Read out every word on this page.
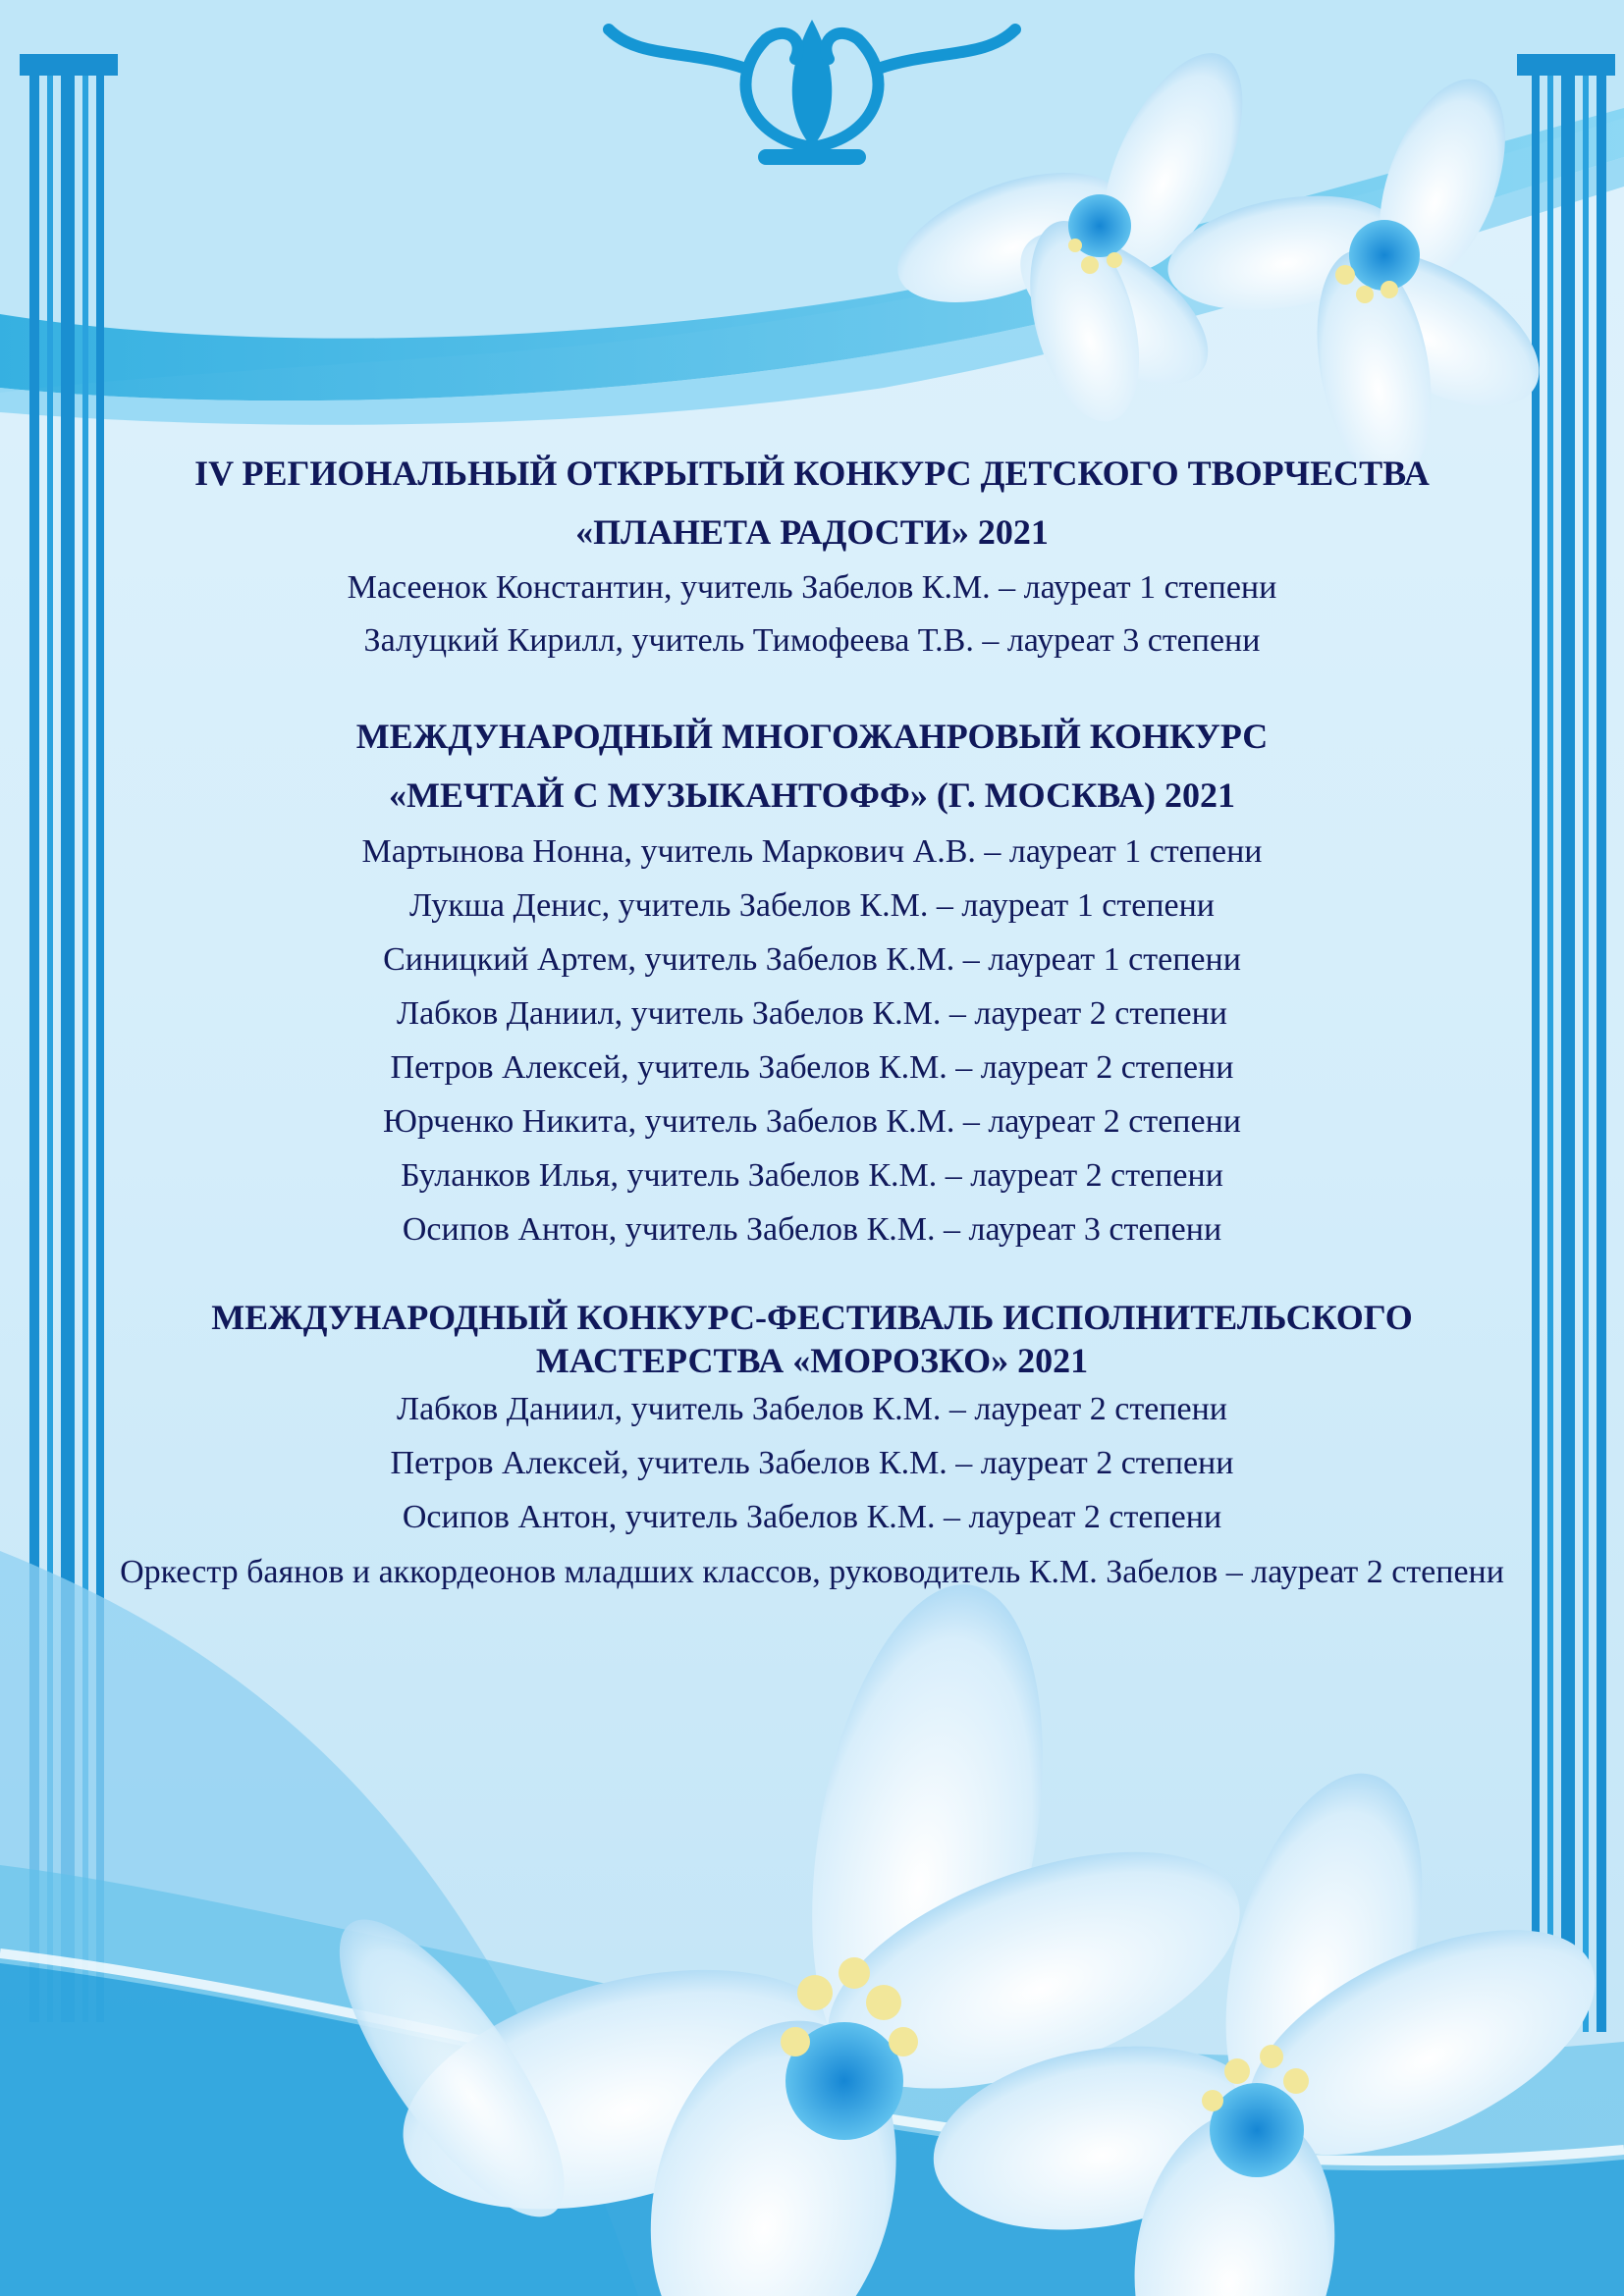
IV РЕГИОНАЛЬНЫЙ ОТКРЫТЫЙ КОНКУРС ДЕТСКОГО ТВОРЧЕСТВА
«ПЛАНЕТА РАДОСТИ» 2021

Масеенок Константин, учитель Забелов К.М. – лауреат 1 степени

Залуцкий Кирилл, учитель Тимофеева Т.В. – лауреат 3 степени

МЕЖДУНАРОДНЫЙ МНОГОЖАНРОВЫЙ КОНКУРС
«МЕЧТАЙ С МУЗЫКАНТОФФ» (Г. МОСКВА) 2021

Мартынова Нонна, учитель Маркович А.В. – лауреат 1 степени

Лукша Денис, учитель Забелов К.М. – лауреат 1 степени

Синицкий Артем, учитель Забелов К.М. – лауреат 1 степени

Лабков Даниил, учитель Забелов К.М. – лауреат 2 степени

Петров Алексей, учитель Забелов К.М. – лауреат 2 степени

Юрченко Никита, учитель Забелов К.М. – лауреат 2 степени

Буланков Илья, учитель Забелов К.М. – лауреат 2 степени

Осипов Антон, учитель Забелов К.М. – лауреат 3 степени

МЕЖДУНАРОДНЫЙ КОНКУРС-ФЕСТИВАЛЬ ИСПОЛНИТЕЛЬСКОГО
МАСТЕРСТВА «МОРОЗКО» 2021

Лабков Даниил, учитель Забелов К.М. – лауреат 2 степени

Петров Алексей, учитель Забелов К.М. – лауреат 2 степени

Осипов Антон, учитель Забелов К.М. – лауреат 2 степени

Оркестр баянов и аккордеонов младших классов, руководитель К.М. Забелов – лауреат 2 степени
